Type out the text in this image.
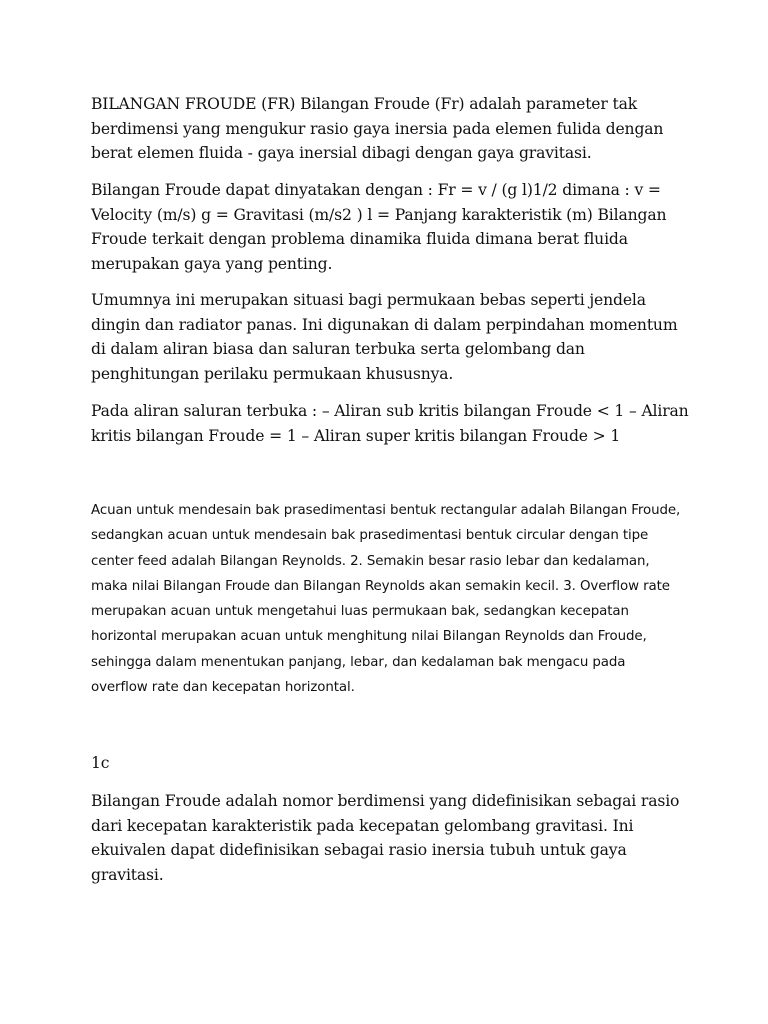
BILANGAN FROUDE (FR) Bilangan Froude (Fr) adalah parameter tak berdimensi yang mengukur rasio gaya inersia pada elemen fulida dengan berat elemen fluida - gaya inersial dibagi dengan gaya gravitasi.

Bilangan Froude dapat dinyatakan dengan : Fr = v / (g l)1/2 dimana : v = Velocity (m/s) g = Gravitasi (m/s2 ) l = Panjang karakteristik (m) Bilangan Froude terkait dengan problema dinamika fluida dimana berat fluida merupakan gaya yang penting.

Umumnya ini merupakan situasi bagi permukaan bebas seperti jendela dingin dan radiator panas. Ini digunakan di dalam perpindahan momentum di dalam aliran biasa dan saluran terbuka serta gelombang dan penghitungan perilaku permukaan khususnya.

Pada aliran saluran terbuka : – Aliran sub kritis bilangan Froude < 1 – Aliran kritis bilangan Froude = 1 – Aliran super kritis bilangan Froude > 1

Acuan untuk mendesain bak prasedimentasi bentuk rectangular adalah Bilangan Froude, sedangkan acuan untuk mendesain bak prasedimentasi bentuk circular dengan tipe center feed adalah Bilangan Reynolds. 2. Semakin besar rasio lebar dan kedalaman, maka nilai Bilangan Froude dan Bilangan Reynolds akan semakin kecil. 3. Overflow rate merupakan acuan untuk mengetahui luas permukaan bak, sedangkan kecepatan horizontal merupakan acuan untuk menghitung nilai Bilangan Reynolds dan Froude, sehingga dalam menentukan panjang, lebar, dan kedalaman bak mengacu pada overflow rate dan kecepatan horizontal.

1c

Bilangan Froude adalah nomor berdimensi yang didefinisikan sebagai rasio dari kecepatan karakteristik pada kecepatan gelombang gravitasi. Ini ekuivalen dapat didefinisikan sebagai rasio inersia tubuh untuk gaya gravitasi.
